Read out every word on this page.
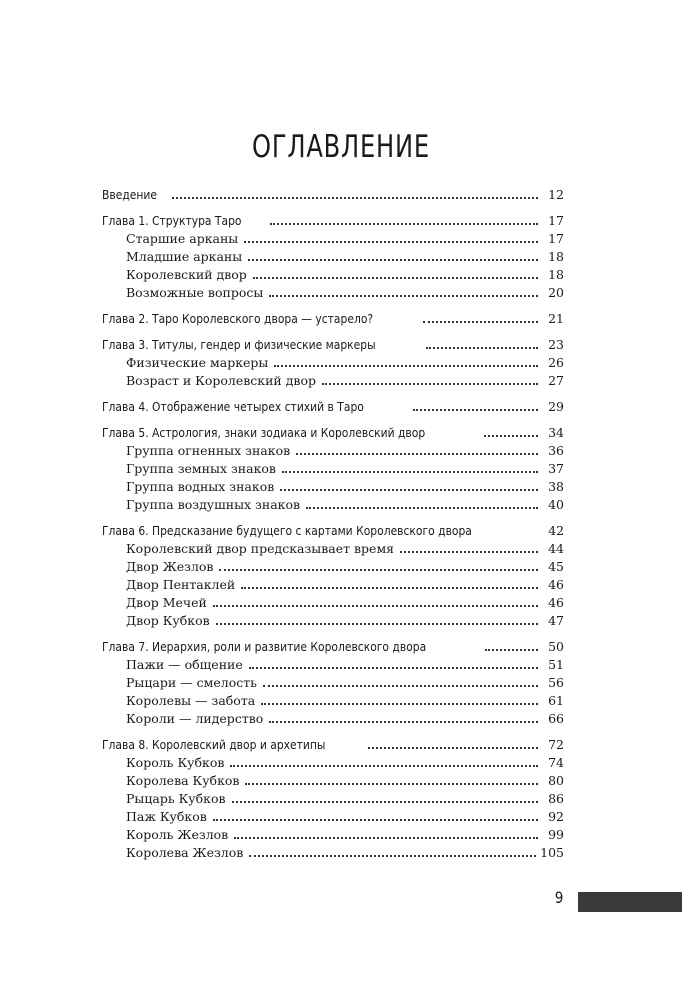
ОГЛАВЛЕНИЕ
Введение	12
Глава 1. Структура Таро	17
Старшие арканы	17
Младшие арканы	18
Королевский двор	18
Возможные вопросы	20
Глава 2. Таро Королевского двора — устарело?	21
Глава 3. Титулы, гендер и физические маркеры	23
Физические маркеры	26
Возраст и Королевский двор	27
Глава 4. Отображение четырех стихий в Таро	29
Глава 5. Астрология, знаки зодиака и Королевский двор	34
Группа огненных знаков	36
Группа земных знаков	37
Группа водных знаков	38
Группа воздушных знаков	40
Глава 6. Предсказание будущего с картами Королевского двора	42
Королевский двор предсказывает время	44
Двор Жезлов	45
Двор Пентаклей	46
Двор Мечей	46
Двор Кубков	47
Глава 7. Иерархия, роли и развитие Королевского двора	50
Пажи — общение	51
Рыцари — смелость	56
Королевы — забота	61
Короли — лидерство	66
Глава 8. Королевский двор и архетипы	72
Король Кубков	74
Королева Кубков	80
Рыцарь Кубков	86
Паж Кубков	92
Король Жезлов	99
Королева Жезлов	105
9
